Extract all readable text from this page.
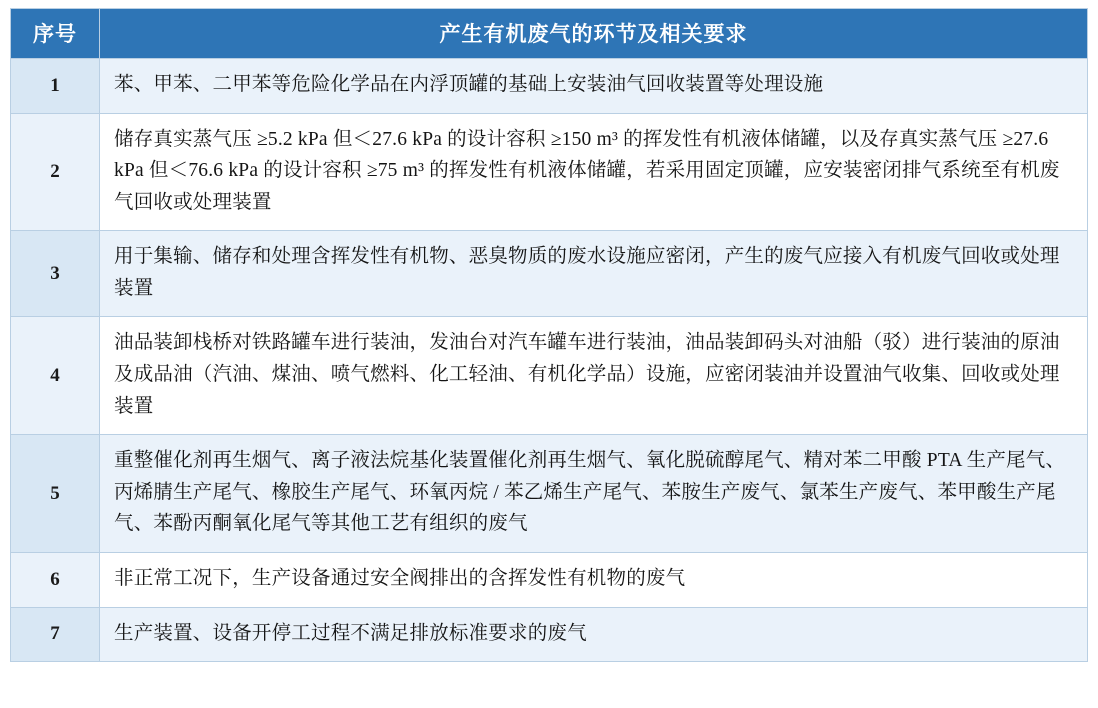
序号	产生有机废气的环节及相关要求
1	苯、甲苯、二甲苯等危险化学品在内浮顶罐的基础上安装油气回收装置等处理设施
2	储存真实蒸气压 ≥5.2 kPa 但＜27.6 kPa 的设计容积 ≥150 m³ 的挥发性有机液体储罐，以及存真实蒸气压 ≥27.6 kPa 但＜76.6 kPa 的设计容积 ≥75 m³ 的挥发性有机液体储罐，若采用固定顶罐，应安装密闭排气系统至有机废气回收或处理装置
3	用于集输、储存和处理含挥发性有机物、恶臭物质的废水设施应密闭，产生的废气应接入有机废气回收或处理装置
4	油品装卸栈桥对铁路罐车进行装油，发油台对汽车罐车进行装油，油品装卸码头对油船（驳）进行装油的原油及成品油（汽油、煤油、喷气燃料、化工轻油、有机化学品）设施，应密闭装油并设置油气收集、回收或处理装置
5	重整催化剂再生烟气、离子液法烷基化装置催化剂再生烟气、氧化脱硫醇尾气、精对苯二甲酸 PTA 生产尾气、丙烯腈生产尾气、橡胶生产尾气、环氧丙烷 / 苯乙烯生产尾气、苯胺生产废气、氯苯生产废气、苯甲酸生产尾气、苯酚丙酮氧化尾气等其他工艺有组织的废气
6	非正常工况下，生产设备通过安全阀排出的含挥发性有机物的废气
7	生产装置、设备开停工过程不满足排放标准要求的废气
